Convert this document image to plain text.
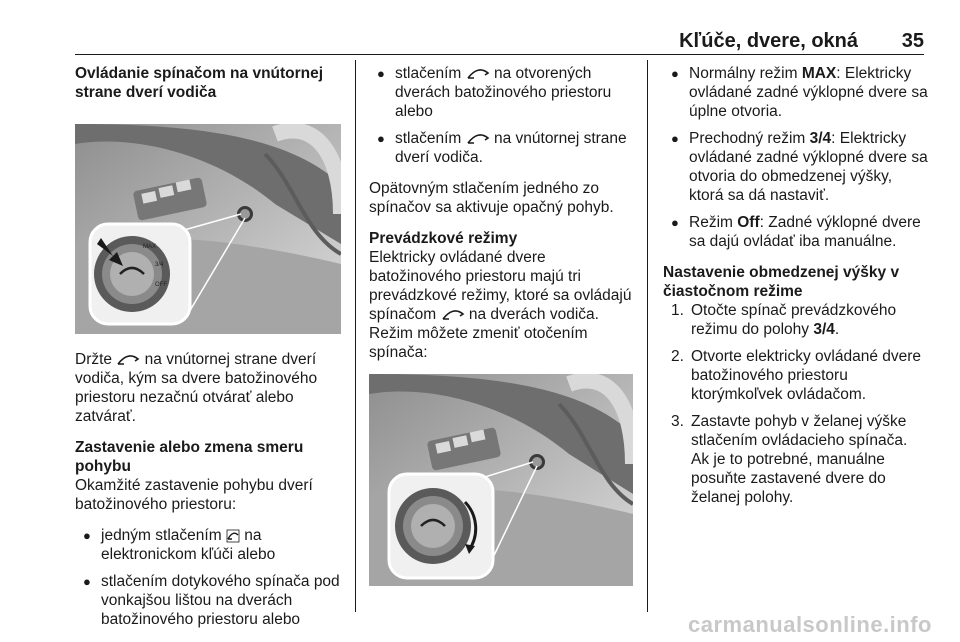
Kľúče, dvere, okná 35
Ovládanie spínačom na vnútornej strane dverí vodiča
MAX
3/4
OFF

Držte na vnútornej strane dverí vodiča, kým sa dvere batožinového priestoru nezačnú otvárať alebo zatvárať.

Zastavenie alebo zmena smeru pohybu

Okamžité zastavenie pohybu dverí batožinového priestoru:

● jedným stlačením na elektronickom kľúči alebo
● stlačením dotykového spínača pod vonkajšou lištou na dverách batožinového priestoru alebo
● stlačením na otvorených dverách batožinového priestoru alebo
● stlačením na vnútornej strane dverí vodiča.

Opätovným stlačením jedného zo spínačov sa aktivuje opačný pohyb.

Prevádzkové režimy

Elektricky ovládané dvere batožinového priestoru majú tri prevádzkové režimy, ktoré sa ovládajú spínačom na dverách vodiča. Režim môžete zmeniť otočením spínača:

● Normálny režim MAX: Elektricky ovládané zadné výklopné dvere sa úplne otvoria.
● Prechodný režim 3/4: Elektricky ovládané zadné výklopné dvere sa otvoria do obmedzenej výšky, ktorá sa dá nastaviť.
● Režim Off: Zadné výklopné dvere sa dajú ovládať iba manuálne.
Nastavenie obmedzenej výšky v čiastočnom režime
1. Otočte spínač prevádzkového režimu do polohy 3/4.
2. Otvorte elektricky ovládané dvere batožinového priestoru ktorýmkoľvek ovládačom.
3. Zastavte pohyb v želanej výške stlačením ovládacieho spínača. Ak je to potrebné, manuálne posuňte zastavené dvere do želanej polohy.
carmanualsonline.info
